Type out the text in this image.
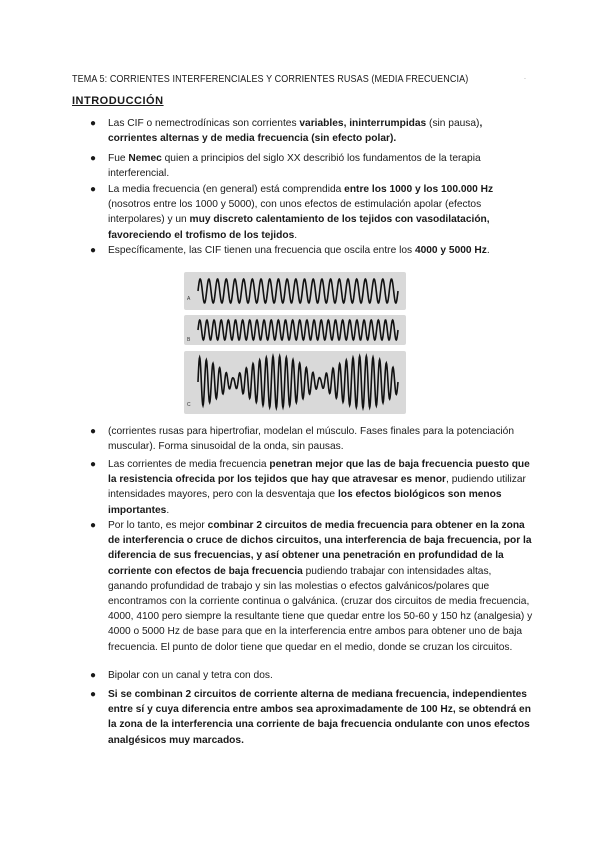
TEMA 5: CORRIENTES INTERFERENCIALES Y CORRIENTES RUSAS (MEDIA FRECUENCIA)	.
INTRODUCCIÓN
● Las CIF o nemectrodínicas son corrientes variables, ininterrumpidas (sin pausa), corrientes alternas y de media frecuencia (sin efecto polar).
● Fue Nemec quien a principios del siglo XX describió los fundamentos de la terapia interferencial.
● La media frecuencia (en general) está comprendida entre los 1000 y los 100.000 Hz (nosotros entre los 1000 y 5000), con unos efectos de estimulación apolar (efectos interpolares) y un muy discreto calentamiento de los tejidos con vasodilatación, favoreciendo el trofismo de los tejidos.
● Específicamente, las CIF tienen una frecuencia que oscila entre los 4000 y 5000 Hz.
● (corrientes rusas para hipertrofiar, modelan el músculo. Fases finales para la potenciación muscular). Forma sinusoidal de la onda, sin pausas.
● Las corrientes de media frecuencia penetran mejor que las de baja frecuencia puesto que la resistencia ofrecida por los tejidos que hay que atravesar es menor, pudiendo utilizar intensidades mayores, pero con la desventaja que los efectos biológicos son menos importantes.
● Por lo tanto, es mejor combinar 2 circuitos de media frecuencia para obtener en la zona de interferencia o cruce de dichos circuitos, una interferencia de baja frecuencia, por la diferencia de sus frecuencias, y así obtener una penetración en profundidad de la corriente con efectos de baja frecuencia pudiendo trabajar con intensidades altas, ganando profundidad de trabajo y sin las molestias o efectos galvánicos/polares que encontramos con la corriente continua o galvánica. (cruzar dos circuitos de media frecuencia, 4000, 4100 pero siempre la resultante tiene que quedar entre los 50-60 y 150 hz (analgesia) y 4000 o 5000 Hz de base para que en la interferencia entre ambos para obtener uno de baja frecuencia. El punto de dolor tiene que quedar en el medio, donde se cruzan los circuitos.
● Bipolar con un canal y tetra con dos.
● Si se combinan 2 circuitos de corriente alterna de mediana frecuencia, independientes entre sí y cuya diferencia entre ambos sea aproximadamente de 100 Hz, se obtendrá en la zona de la interferencia una corriente de baja frecuencia ondulante con unos efectos analgésicos muy marcados.
A
B
C
